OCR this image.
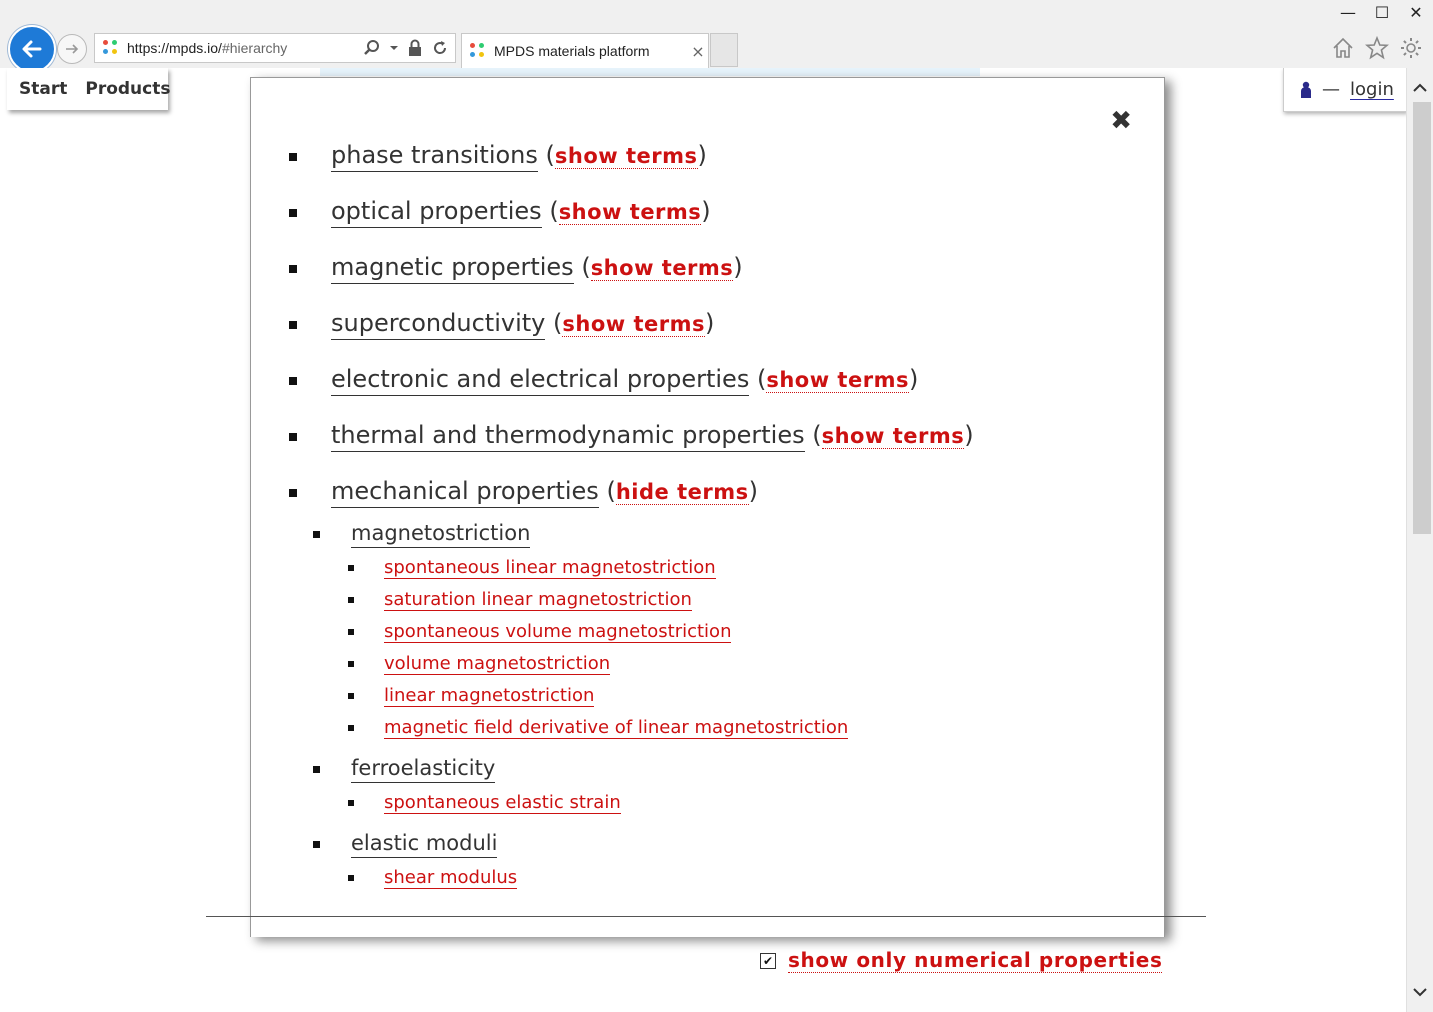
—	☐	✕
https://mpds.io/#hierarchy	MPDS materials platform	×
Start Products	— login
✖
phase transitions (show terms)
optical properties (show terms)
magnetic properties (show terms)
superconductivity (show terms)
electronic and electrical properties (show terms)
thermal and thermodynamic properties (show terms)
mechanical properties (hide terms)
magnetostriction
spontaneous linear magnetostriction
saturation linear magnetostriction
spontaneous volume magnetostriction
volume magnetostriction
linear magnetostriction
magnetic field derivative of linear magnetostriction
ferroelasticity
spontaneous elastic strain
elastic moduli
shear modulus
✔ show only numerical properties
